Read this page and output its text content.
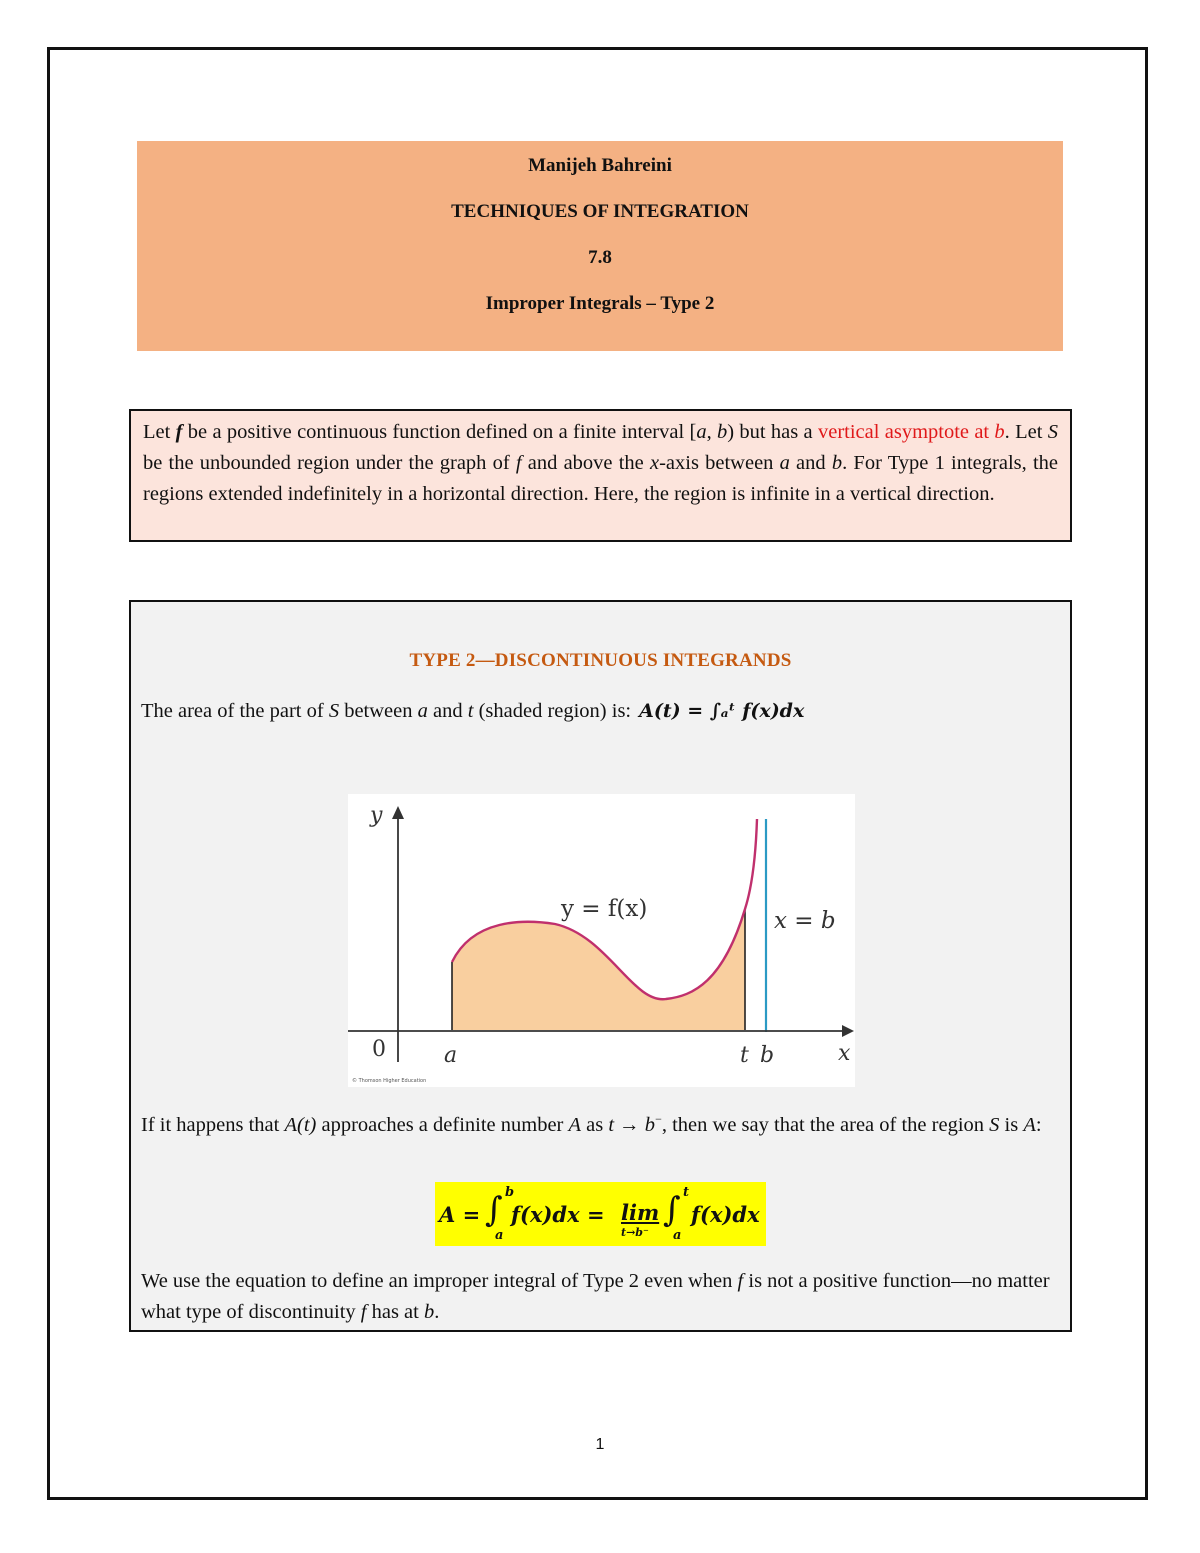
Manijeh Bahreini
TECHNIQUES OF INTEGRATION
7.8
Improper Integrals – Type 2
Let f be a positive continuous function defined on a finite interval [a, b) but has a vertical asymptote at b. Let S be the unbounded region under the graph of f and above the x-axis between a and b. For Type 1 integrals, the regions extended indefinitely in a horizontal direction. Here, the region is infinite in a vertical direction.
TYPE 2—DISCONTINUOUS INTEGRANDS
The area of the part of S between a and t (shaded region) is: A(t) = ∫ₐᵗ f(x)dx
y
x
0	a	t b
y = f(x)	x = b
© Thomson Higher Education
If it happens that A(t) approaches a definite number A as t → b−, then we say that the area of the region S is A:
A = ∫ b
a
f(x)dx = lim
t→b⁻
∫ t
a
f(x)dx
We use the equation to define an improper integral of Type 2 even when f is not a positive function—no matter what type of discontinuity f has at b.
1
